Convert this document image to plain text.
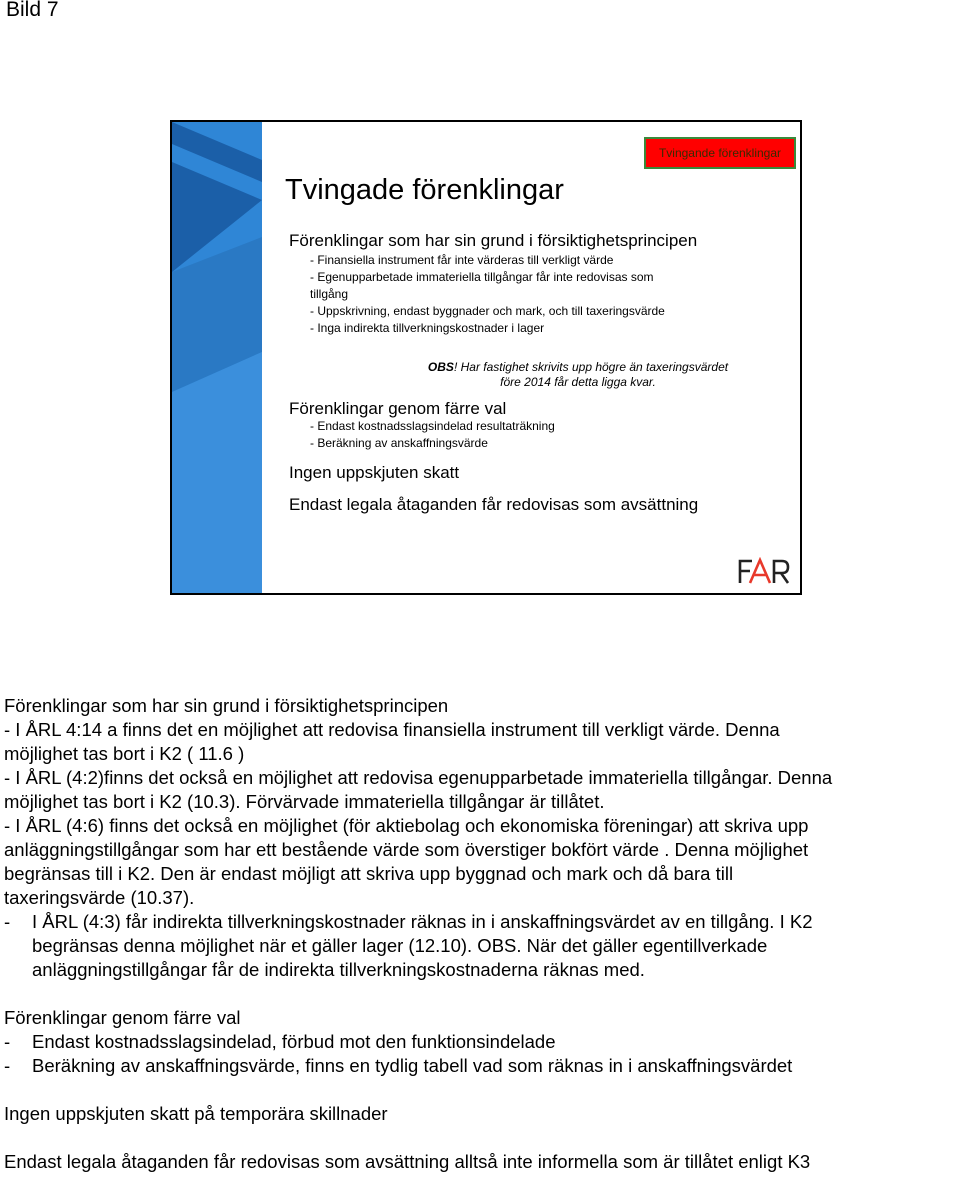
Bild 7
Tvingande förenklingar
Tvingade förenklingar
Förenklingar som har sin grund i försiktighetsprincipen
- Finansiella instrument får inte värderas till verkligt värde
- Egenupparbetade immateriella tillgångar får inte redovisas som
tillgång
- Uppskrivning, endast byggnader och mark, och till taxeringsvärde
- Inga indirekta tillverkningskostnader i lager
OBS! Har fastighet skrivits upp högre än taxeringsvärdet
före 2014 får detta ligga kvar.
Förenklingar genom färre val
- Endast kostnadsslagsindelad resultaträkning
- Beräkning av anskaffningsvärde
Ingen uppskjuten skatt
Endast legala åtaganden får redovisas som avsättning
Förenklingar som har sin grund i försiktighetsprincipen
- I ÅRL 4:14 a finns det en möjlighet att redovisa finansiella instrument till verkligt värde. Denna
möjlighet tas bort i K2 ( 11.6 )
- I ÅRL (4:2)finns det också en möjlighet att redovisa egenupparbetade immateriella tillgångar. Denna
möjlighet tas bort i K2 (10.3). Förvärvade immateriella tillgångar är tillåtet.
- I ÅRL (4:6) finns det också en möjlighet (för aktiebolag och ekonomiska föreningar) att skriva upp
anläggningstillgångar som har ett bestående värde som överstiger bokfört värde . Denna möjlighet
begränsas till i K2. Den är endast möjligt att skriva upp byggnad och mark och då bara till
taxeringsvärde (10.37).
-	I ÅRL (4:3) får indirekta tillverkningskostnader räknas in i anskaffningsvärdet av en tillgång. I K2
begränsas denna möjlighet när et gäller lager (12.10). OBS. När det gäller egentillverkade
anläggningstillgångar får de indirekta tillverkningskostnaderna räknas med.
Förenklingar genom färre val
-	Endast kostnadsslagsindelad, förbud mot den funktionsindelade
-	Beräkning av anskaffningsvärde, finns en tydlig tabell vad som räknas in i anskaffningsvärdet
Ingen uppskjuten skatt på temporära skillnader
Endast legala åtaganden får redovisas som avsättning alltså inte informella som är tillåtet enligt K3
